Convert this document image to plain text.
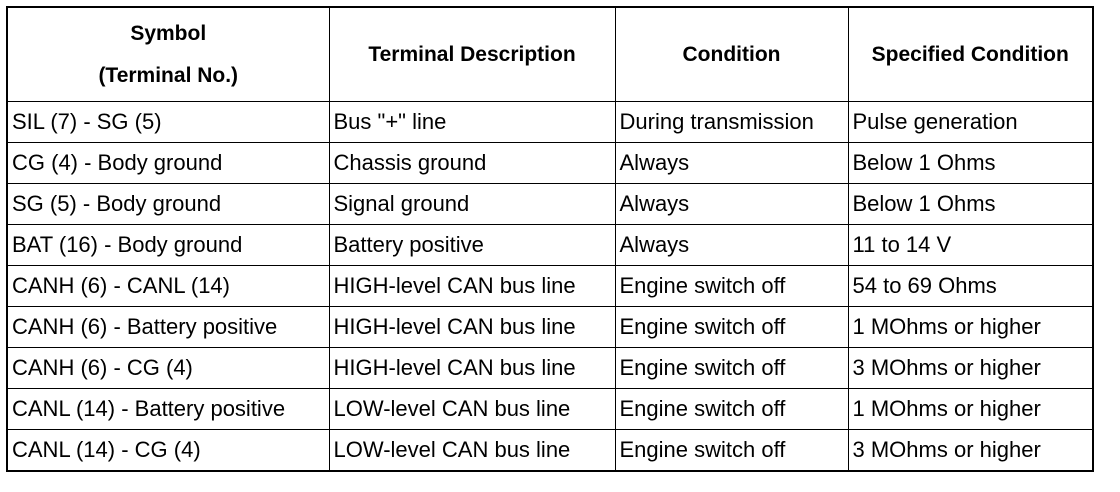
Symbol
(Terminal No.)	Terminal Description	Condition	Specified Condition
SIL (7) - SG (5)	Bus "+" line	During transmission	Pulse generation
CG (4) - Body ground	Chassis ground	Always	Below 1 Ohms
SG (5) - Body ground	Signal ground	Always	Below 1 Ohms
BAT (16) - Body ground	Battery positive	Always	11 to 14 V
CANH (6) - CANL (14)	HIGH-level CAN bus line	Engine switch off	54 to 69 Ohms
CANH (6) - Battery positive	HIGH-level CAN bus line	Engine switch off	1 MOhms or higher
CANH (6) - CG (4)	HIGH-level CAN bus line	Engine switch off	3 MOhms or higher
CANL (14) - Battery positive	LOW-level CAN bus line	Engine switch off	1 MOhms or higher
CANL (14) - CG (4)	LOW-level CAN bus line	Engine switch off	3 MOhms or higher
